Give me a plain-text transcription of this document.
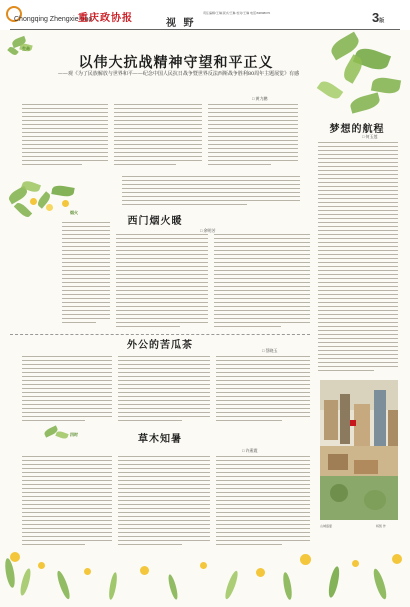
Chongqing Zhengxie bao
重庆政协报	视 野
责任编辑/王琳 版式/王琳 校对/王琳 电话/63808070	3版
生命
以伟大抗战精神守望和平正义
——观《为了民族解放与世界和平——纪念中国人民抗日战争暨世界反法西斯战争胜利80周年主题展览》有感
□ 黄力鹏
梦想的航程
□ 何玉莲
烟火
西门烟火暖
□ 余明芳
外公的苦瓜茶	□ 蔡晓玉
四时	草木知暑
□ 许燕霞
山城盛夏	杨凯 作
